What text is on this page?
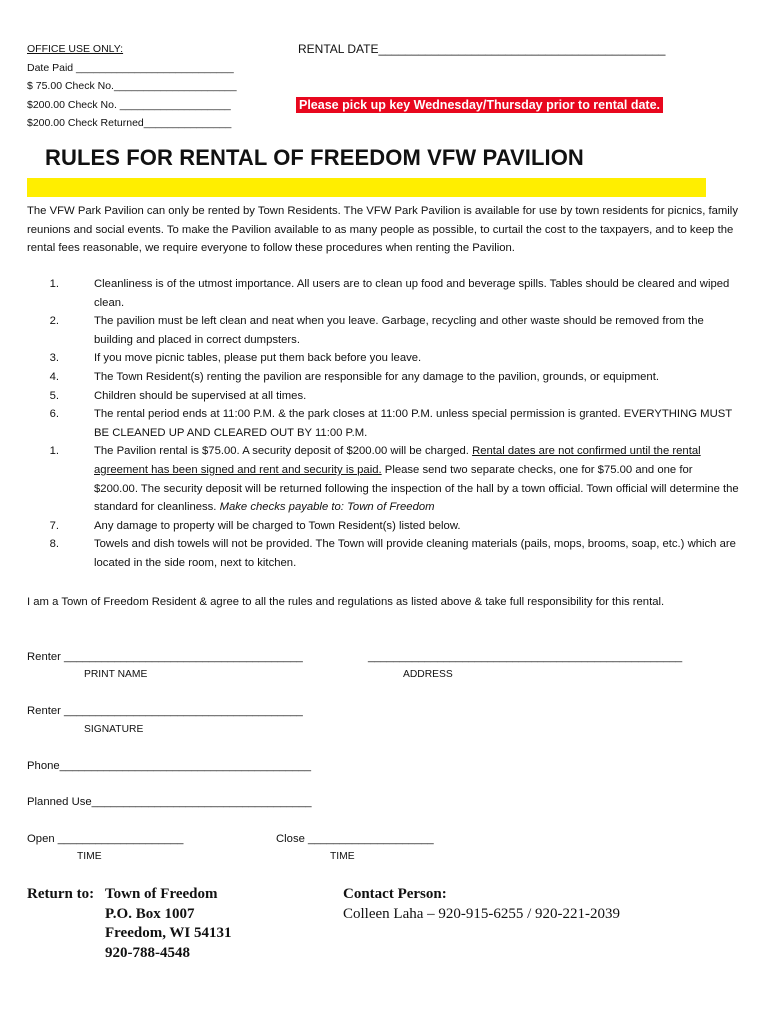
OFFICE USE ONLY:
Date Paid ___________________________
$ 75.00 Check No._____________________
$200.00 Check No. ___________________
$200.00 Check Returned_______________
RENTAL DATE___________________________________________
Please pick up key Wednesday/Thursday prior to rental date.
RULES FOR RENTAL OF FREEDOM VFW PAVILION
The VFW Park Pavilion can only be rented by Town Residents. The VFW Park Pavilion is available for use by town residents for picnics, family reunions and social events. To make the Pavilion available to as many people as possible, to curtail the cost to the taxpayers, and to keep the rental fees reasonable, we require everyone to follow these procedures when renting the Pavilion.
1.	Cleanliness is of the utmost importance. All users are to clean up food and beverage spills. Tables should be cleared and wiped clean.
2.	The pavilion must be left clean and neat when you leave. Garbage, recycling and other waste should be removed from the building and placed in correct dumpsters.
3.	If you move picnic tables, please put them back before you leave.
4.	The Town Resident(s) renting the pavilion are responsible for any damage to the pavilion, grounds, or equipment.
5.	Children should be supervised at all times.
6.	The rental period ends at 11:00 P.M. & the park closes at 11:00 P.M. unless special permission is granted. EVERYTHING MUST BE CLEANED UP AND CLEARED OUT BY 11:00 P.M.
1.	The Pavilion rental is $75.00. A security deposit of $200.00 will be charged. Rental dates are not confirmed until the rental agreement has been signed and rent and security is paid. Please send two separate checks, one for $75.00 and one for $200.00. The security deposit will be returned following the inspection of the hall by a town official. Town official will determine the standard for cleanliness. Make checks payable to: Town of Freedom
7.	Any damage to property will be charged to Town Resident(s) listed below.
8.	Towels and dish towels will not be provided. The Town will provide cleaning materials (pails, mops, brooms, soap, etc.) which are located in the side room, next to kitchen.
I am a Town of Freedom Resident & agree to all the rules and regulations as listed above & take full responsibility for this rental.
Renter ______________________________________	__________________________________________________
PRINT NAME	ADDRESS
Renter ______________________________________
SIGNATURE
Phone________________________________________
Planned Use___________________________________
Open ____________________	Close ____________________
TIME	TIME
Return to: Town of Freedom
P.O. Box 1007
Freedom, WI 54131
920-788-4548
Contact Person:
Colleen Laha – 920-915-6255 / 920-221-2039
